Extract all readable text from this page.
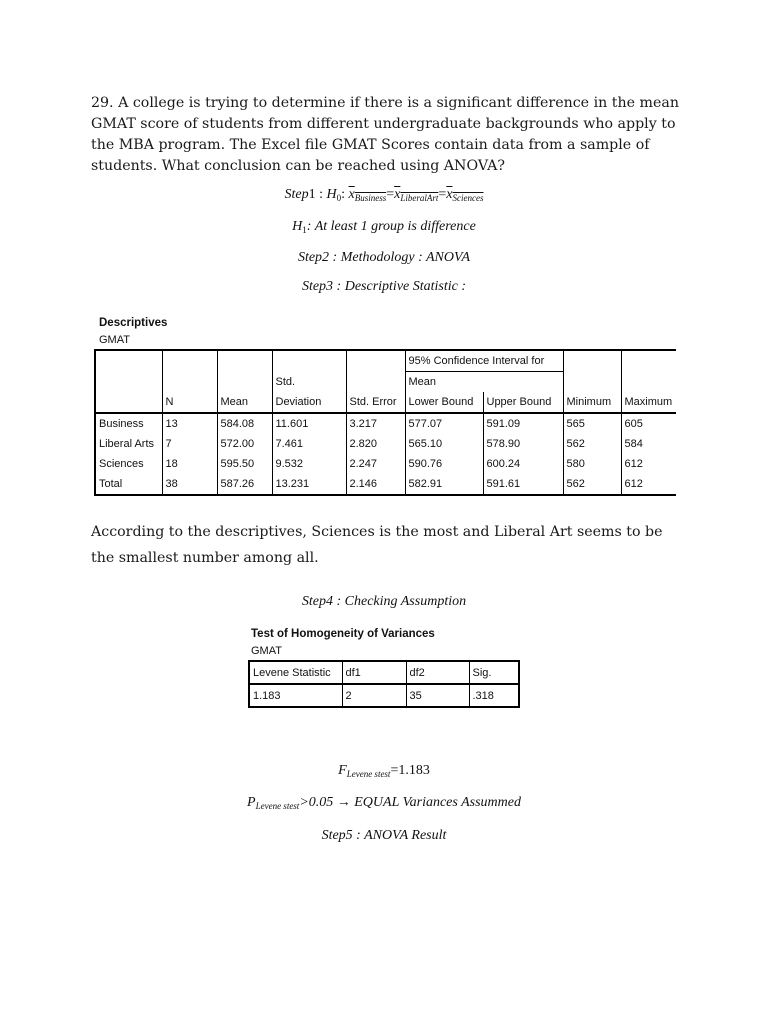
29. A college is trying to determine if there is a significant difference in the mean GMAT score of students from different undergraduate backgrounds who apply to the MBA program. The Excel file GMAT Scores contain data from a sample of students. What conclusion can be reached using ANOVA?

Step1 : $H_0$: $x_{Business}=x_{LiberalArt}=x_{Sciences}$
$H_1$: At least 1 group is difference
Step2 : Methodology : ANOVA
Step3 : Descriptive Statistic :
Descriptives
GMAT
					95% Confidence Interval for			
			Std.		Mean			
	N	Mean	Deviation	Std. Error	Lower Bound	Upper Bound	Minimum	Maximum
Business	13	584.08	11.601	3.217	577.07	591.09	565	605
Liberal Arts	7	572.00	7.461	2.820	565.10	578.90	562	584
Sciences	18	595.50	9.532	2.247	590.76	600.24	580	612
Total	38	587.26	13.231	2.146	582.91	591.61	562	612

According to the descriptives, Sciences is the most and Liberal Art seems to be the smallest number among all.

Step4 : Checking Assumption
Test of Homogeneity of Variances
GMAT
Levene Statistic	df1	df2	Sig.
1.183	2	35	.318
$F_{Levene stest}=1.183$
$P_{Levene stest}>0.05$ → EQUAL Variances Assummed
Step5 : ANOVA Result
